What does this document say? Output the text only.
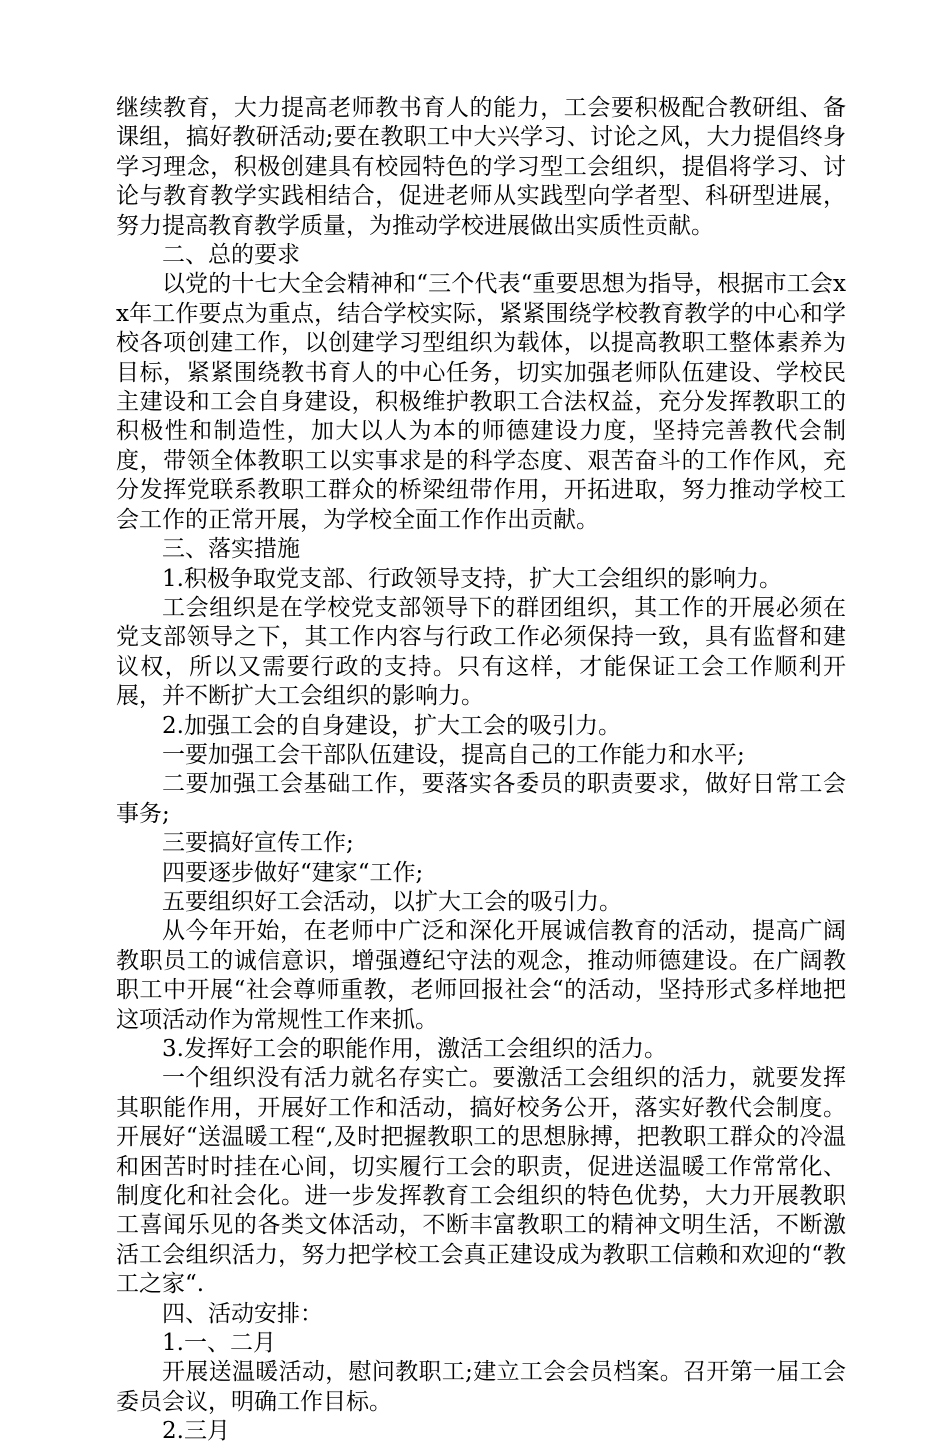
继续教育，大力提高老师教书育人的能力，工会要积极配合教研组、备课组，搞好教研活动;要在教职工中大兴学习、讨论之风，大力提倡终身学习理念，积极创建具有校园特色的学习型工会组织，提倡将学习、讨论与教育教学实践相结合，促进老师从实践型向学者型、科研型进展，努力提高教育教学质量，为推动学校进展做出实质性贡献。

二、总的要求

以党的十七大全会精神和“三个代表“重要思想为指导，根据市工会xx年工作要点为重点，结合学校实际，紧紧围绕学校教育教学的中心和学校各项创建工作，以创建学习型组织为载体，以提高教职工整体素养为目标，紧紧围绕教书育人的中心任务，切实加强老师队伍建设、学校民主建设和工会自身建设，积极维护教职工合法权益，充分发挥教职工的积极性和制造性，加大以人为本的师德建设力度，坚持完善教代会制度，带领全体教职工以实事求是的科学态度、艰苦奋斗的工作作风，充分发挥党联系教职工群众的桥梁纽带作用，开拓进取，努力推动学校工会工作的正常开展，为学校全面工作作出贡献。

三、落实措施

1.积极争取党支部、行政领导支持，扩大工会组织的影响力。

工会组织是在学校党支部领导下的群团组织，其工作的开展必须在党支部领导之下，其工作内容与行政工作必须保持一致，具有监督和建议权，所以又需要行政的支持。只有这样，才能保证工会工作顺利开展，并不断扩大工会组织的影响力。

2.加强工会的自身建设，扩大工会的吸引力。

一要加强工会干部队伍建设，提高自己的工作能力和水平;

二要加强工会基础工作，要落实各委员的职责要求，做好日常工会事务;

三要搞好宣传工作;

四要逐步做好“建家“工作;

五要组织好工会活动，以扩大工会的吸引力。

从今年开始，在老师中广泛和深化开展诚信教育的活动，提高广阔教职员工的诚信意识，增强遵纪守法的观念，推动师德建设。在广阔教职工中开展“社会尊师重教，老师回报社会“的活动，坚持形式多样地把这项活动作为常规性工作来抓。

3.发挥好工会的职能作用，激活工会组织的活力。

一个组织没有活力就名存实亡。要激活工会组织的活力，就要发挥其职能作用，开展好工作和活动，搞好校务公开，落实好教代会制度。开展好“送温暖工程“,及时把握教职工的思想脉搏，把教职工群众的冷温和困苦时时挂在心间，切实履行工会的职责，促进送温暖工作常常化、制度化和社会化。进一步发挥教育工会组织的特色优势，大力开展教职工喜闻乐见的各类文体活动，不断丰富教职工的精神文明生活，不断激活工会组织活力，努力把学校工会真正建设成为教职工信赖和欢迎的“教工之家“.

四、活动安排：

1.一、二月

开展送温暖活动，慰问教职工;建立工会会员档案。召开第一届工会委员会议，明确工作目标。

2.三月
